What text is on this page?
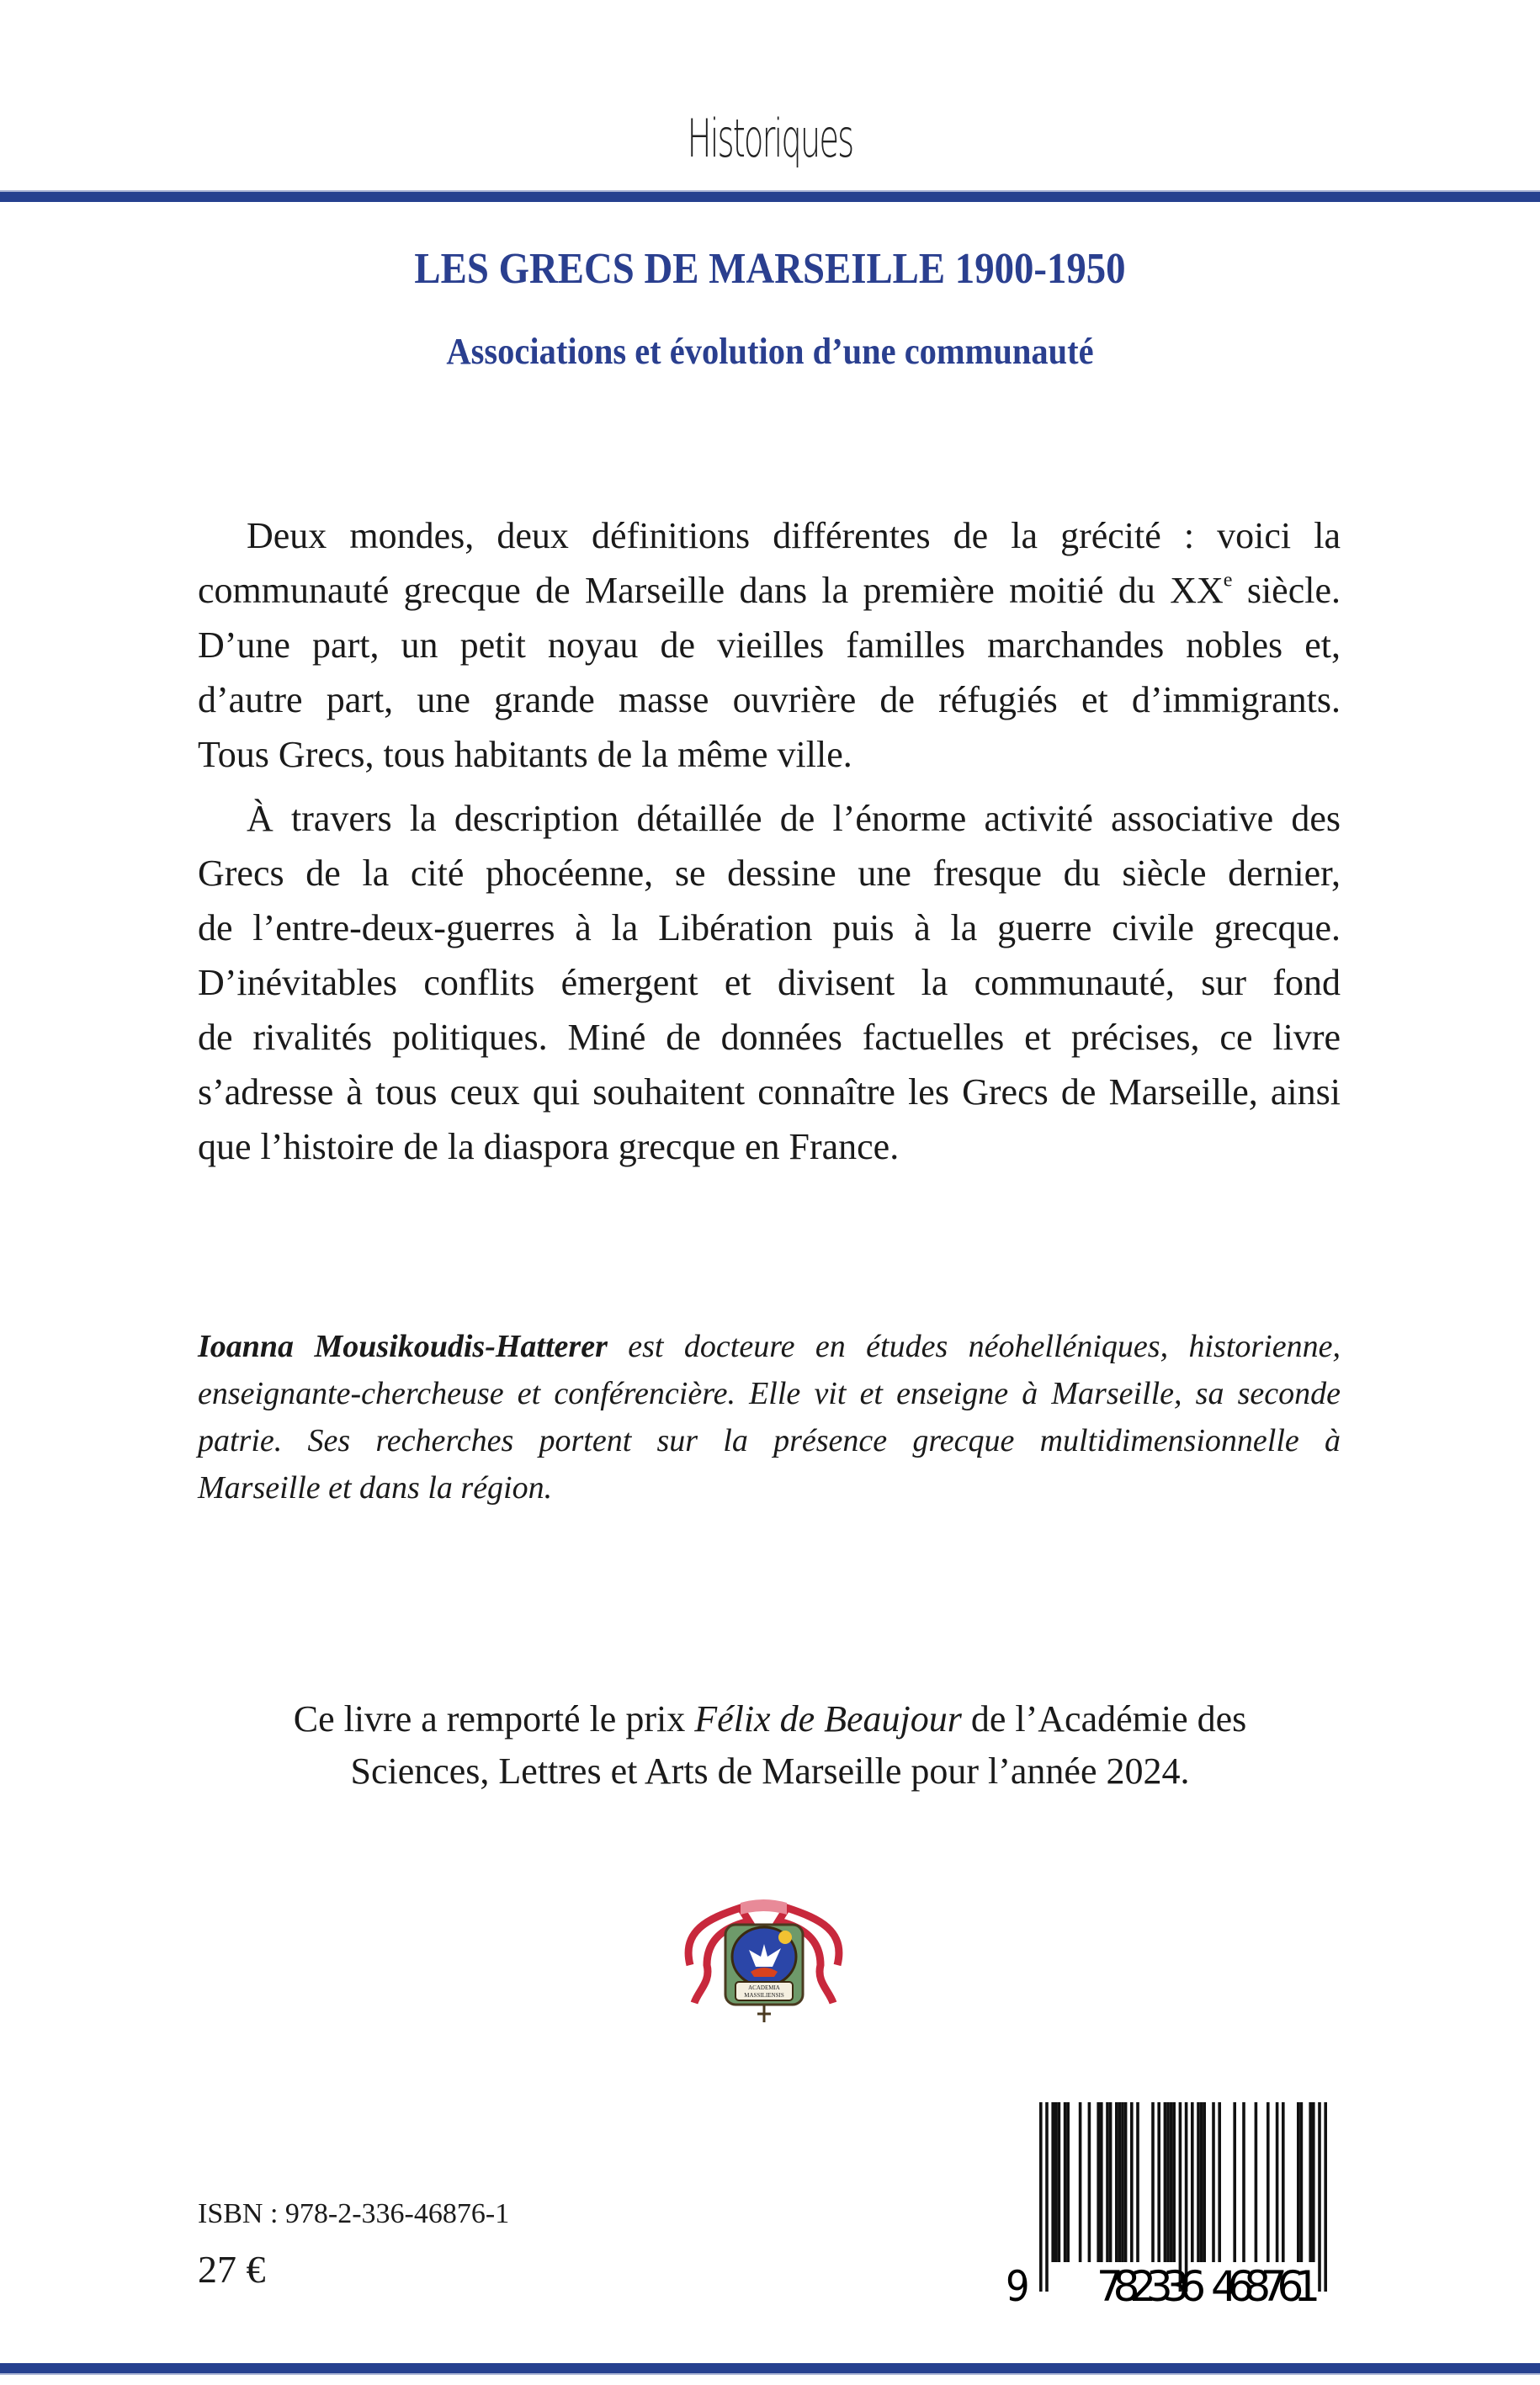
Historiques
LES GRECS DE MARSEILLE 1900-1950
Associations et évolution d’une communauté
Deux mondes, deux définitions différentes de la grécité : voici la
communauté grecque de Marseille dans la première moitié du XXe siècle.
D’une part, un petit noyau de vieilles familles marchandes nobles et,
d’autre part, une grande masse ouvrière de réfugiés et d’immigrants.
Tous Grecs, tous habitants de la même ville.
À travers la description détaillée de l’énorme activité associative des
Grecs de la cité phocéenne, se dessine une fresque du siècle dernier,
de l’entre-deux-guerres à la Libération puis à la guerre civile grecque.
D’inévitables conflits émergent et divisent la communauté, sur fond
de rivalités politiques. Miné de données factuelles et précises, ce livre
s’adresse à tous ceux qui souhaitent connaître les Grecs de Marseille, ainsi
que l’histoire de la diaspora grecque en France.
Ioanna Mousikoudis-Hatterer est docteure en études néohelléniques, historienne,
enseignante-chercheuse et conférencière. Elle vit et enseigne à Marseille, sa seconde
patrie. Ses recherches portent sur la présence grecque multidimensionnelle à
Marseille et dans la région.
Ce livre a remporté le prix Félix de Beaujour de l’Académie des
Sciences, Lettres et Arts de Marseille pour l’année 2024.
ACADEMIA
MASSILIENSIS
ISBN : 978-2-336-46876-1
27 €	9 782336 468761
